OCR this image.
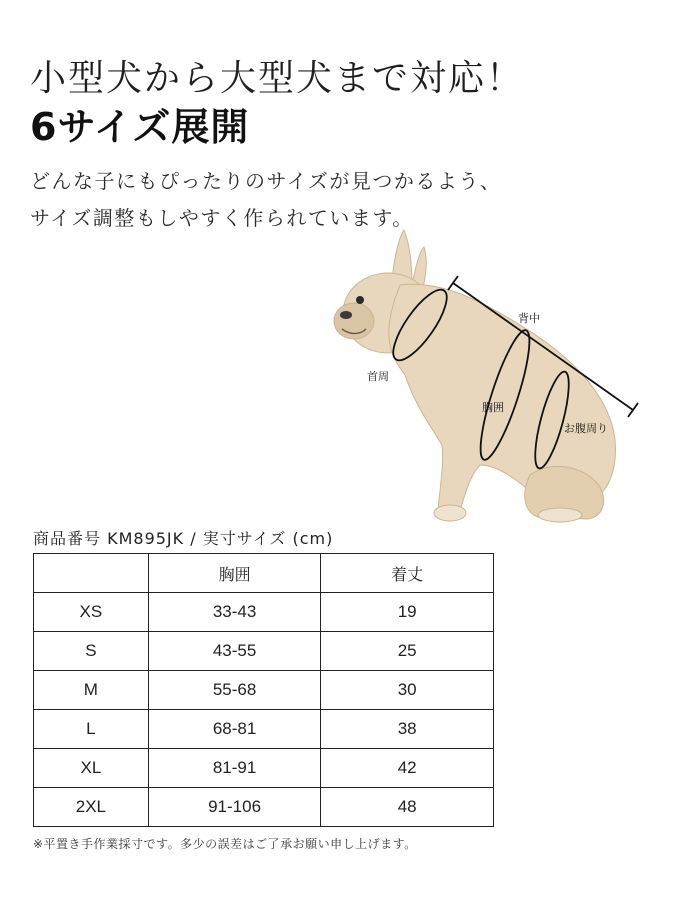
小型犬から大型犬まで対応！
6サイズ展開
どんな子にもぴったりのサイズが見つかるよう、
サイズ調整もしやすく作られています。
背中
首周
胸囲
お腹周り
商品番号 KM895JK / 実寸サイズ (cm)
	胸囲	着丈
XS	33-43	19
S	43-55	25
M	55-68	30
L	68-81	38
XL	81-91	42
2XL	91-106	48
※平置き手作業採寸です。多少の誤差はご了承お願い申し上げます。
